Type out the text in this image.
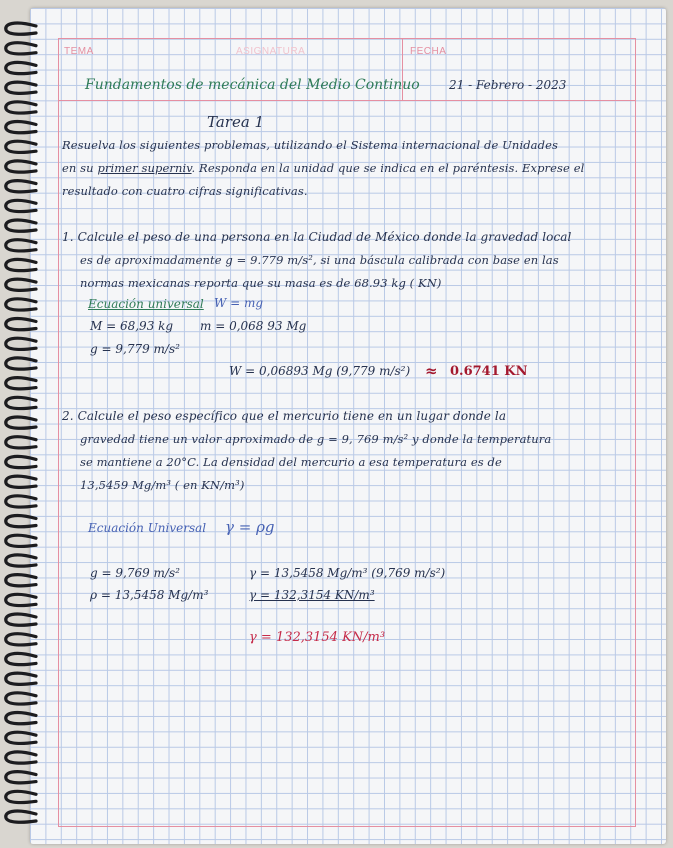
TEMA	ASIGNATURA	FECHA
Fundamentos de mecánica del Medio Continuo 21 - Febrero - 2023
Tarea 1
Resuelva los siguientes problemas, utilizando el Sistema internacional de Unidades
en su primer superniv. Responda en la unidad que se indica en el paréntesis. Exprese el
resultado con cuatro cifras significativas.
1. Calcule el peso de una persona en la Ciudad de México donde la gravedad local
es de aproximadamente g = 9.779 m/s², si una báscula calibrada con base en las
normas mexicanas reporta que su masa es de 68.93 kg ( KN)
Ecuación universal W = mg
M = 68,93 kg m = 0,068 93 Mg
g = 9,779 m/s²
W = 0,06893 Mg (9,779 m/s²) ≈ 0.6741 KN
2. Calcule el peso específico que el mercurio tiene en un lugar donde la
gravedad tiene un valor aproximado de g = 9, 769 m/s² y donde la temperatura
se mantiene a 20°C. La densidad del mercurio a esa temperatura es de
13,5459 Mg/m³ ( en KN/m³)
Ecuación Universal γ = ρg
g = 9,769 m/s²
ρ = 13,5458 Mg/m³
γ = 13,5458 Mg/m³ (9,769 m/s²)
γ = 132,3154 KN/m³
γ = 132,3154 KN/m³
